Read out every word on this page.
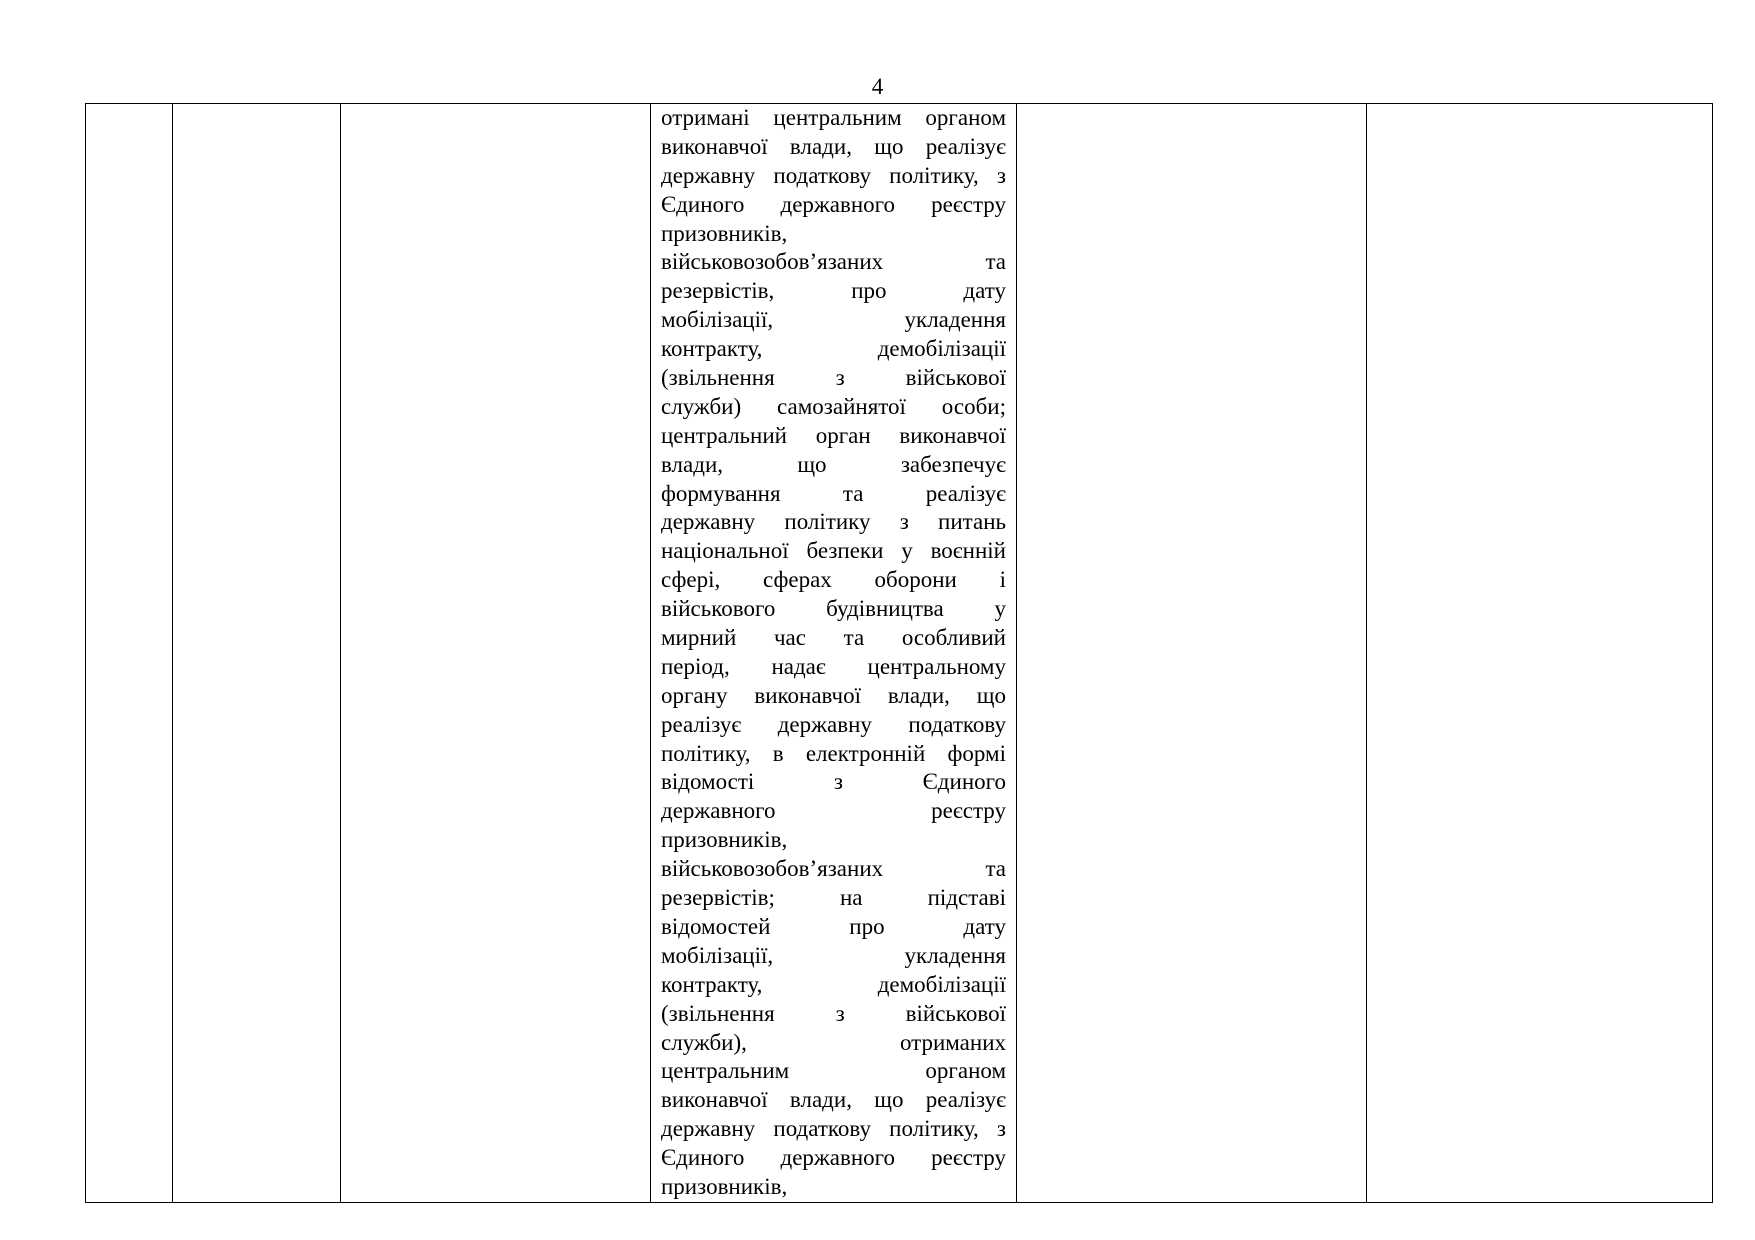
4

отримані центральним органом
виконавчої влади, що реалізує
державну податкову політику, з
Єдиного державного реєстру
призовників,
військовозобов’язаних та
резервістів, про дату
мобілізації, укладення
контракту, демобілізації
(звільнення з військової
служби) самозайнятої особи;
центральний орган виконавчої
влади, що забезпечує
формування та реалізує
державну політику з питань
національної безпеки у воєнній
сфері, сферах оборони і
військового будівництва у
мирний час та особливий
період, надає центральному
органу виконавчої влади, що
реалізує державну податкову
політику, в електронній формі
відомості з Єдиного
державного реєстру
призовників,
військовозобов’язаних та
резервістів; на підставі
відомостей про дату
мобілізації, укладення
контракту, демобілізації
(звільнення з військової
служби), отриманих
центральним органом
виконавчої влади, що реалізує
державну податкову політику, з
Єдиного державного реєстру
призовників,
